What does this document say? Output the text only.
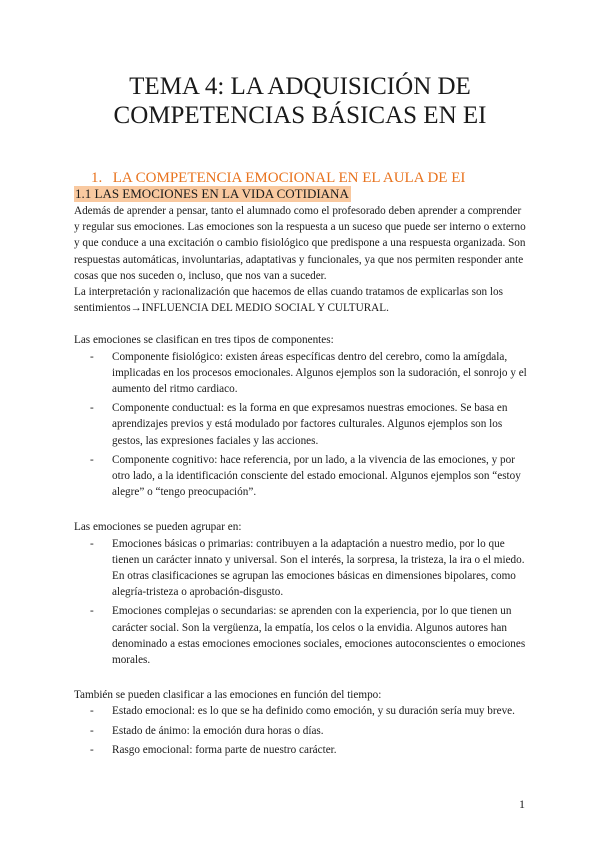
TEMA 4: LA ADQUISICIÓN DE
COMPETENCIAS BÁSICAS EN EI
1. LA COMPETENCIA EMOCIONAL EN EL AULA DE EI
1.1 LAS EMOCIONES EN LA VIDA COTIDIANA

Además de aprender a pensar, tanto el alumnado como el profesorado deben aprender a comprender y regular sus emociones. Las emociones son la respuesta a un suceso que puede ser interno o externo y que conduce a una excitación o cambio fisiológico que predispone a una respuesta organizada. Son respuestas automáticas, involuntarias, adaptativas y funcionales, ya que nos permiten responder ante cosas que nos suceden o, incluso, que nos van a suceder.

La interpretación y racionalización que hacemos de ellas cuando tratamos de explicarlas son los sentimientos→INFLUENCIA DEL MEDIO SOCIAL Y CULTURAL.

Las emociones se clasifican en tres tipos de componentes:

- Componente fisiológico: existen áreas específicas dentro del cerebro, como la amígdala, implicadas en los procesos emocionales. Algunos ejemplos son la sudoración, el sonrojo y el aumento del ritmo cardiaco.
- Componente conductual: es la forma en que expresamos nuestras emociones. Se basa en aprendizajes previos y está modulado por factores culturales. Algunos ejemplos son los gestos, las expresiones faciales y las acciones.
- Componente cognitivo: hace referencia, por un lado, a la vivencia de las emociones, y por otro lado, a la identificación consciente del estado emocional. Algunos ejemplos son “estoy alegre” o “tengo preocupación”.

Las emociones se pueden agrupar en:

- Emociones básicas o primarias: contribuyen a la adaptación a nuestro medio, por lo que tienen un carácter innato y universal. Son el interés, la sorpresa, la tristeza, la ira o el miedo. En otras clasificaciones se agrupan las emociones básicas en dimensiones bipolares, como alegría-tristeza o aprobación-disgusto.
- Emociones complejas o secundarias: se aprenden con la experiencia, por lo que tienen un carácter social. Son la vergüenza, la empatía, los celos o la envidia. Algunos autores han denominado a estas emociones emociones sociales, emociones autoconscientes o emociones morales.

También se pueden clasificar a las emociones en función del tiempo:

- Estado emocional: es lo que se ha definido como emoción, y su duración sería muy breve.
- Estado de ánimo: la emoción dura horas o días.
- Rasgo emocional: forma parte de nuestro carácter.
1
